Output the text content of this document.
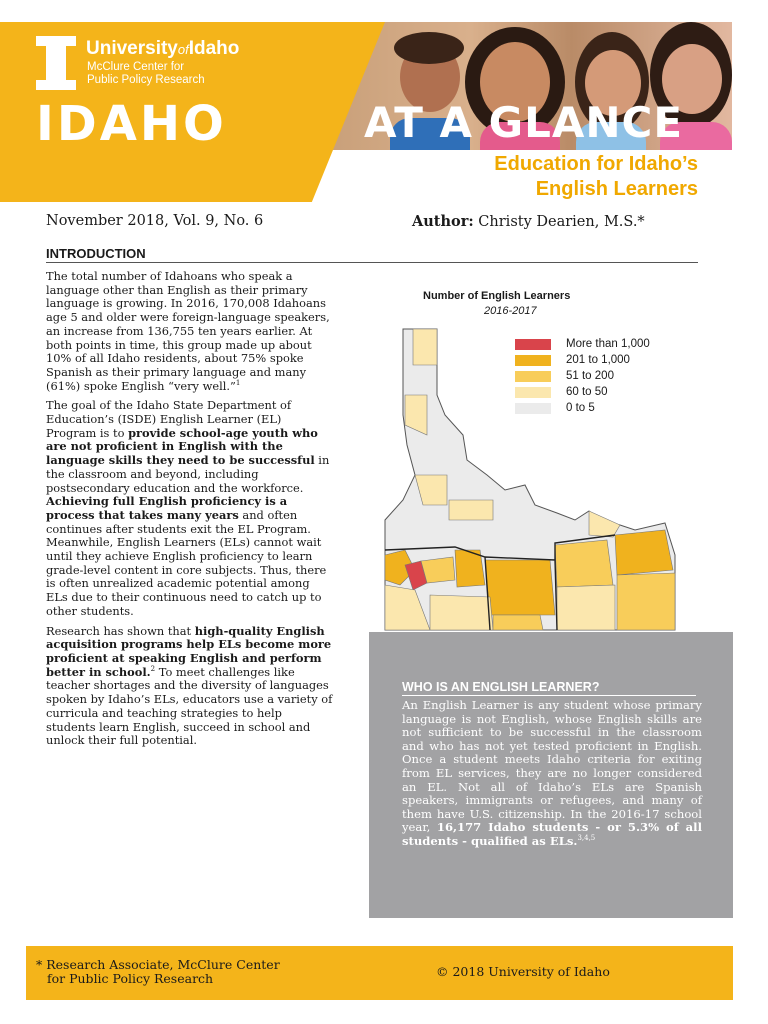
UniversityofIdaho
McClure Center for
Public Policy Research
IDAHO	AT A GLANCE
Education for Idaho’s
English Learners
November 2018, Vol. 9, No. 6	Author: Christy Dearien, M.S.*
INTRODUCTION

The total number of Idahoans who speak a language other than English as their primary language is growing. In 2016, 170,008 Idahoans age 5 and older were foreign-language speakers, an increase from 136,755 ten years earlier. At both points in time, this group made up about 10% of all Idaho residents, about 75% spoke Spanish as their primary language and many (61%) spoke English “very well.”$^1$

The goal of the Idaho State Department of Education’s (ISDE) English Learner (EL) Program is to provide school-age youth who are not proficient in English with the language skills they need to be successful in the classroom and beyond, including postsecondary education and the workforce. Achieving full English proficiency is a process that takes many years and often continues after students exit the EL Program. Meanwhile, English Learners (ELs) cannot wait until they achieve English proficiency to learn grade-level content in core subjects. Thus, there is often unrealized academic potential among ELs due to their continuous need to catch up to other students.

Research has shown that high-quality English acquisition programs help ELs become more proficient at speaking English and perform better in school.$^2$ To meet challenges like teacher shortages and the diversity of languages spoken by Idaho’s ELs, educators use a variety of curricula and teaching strategies to help students learn English, succeed in school and unlock their full potential.

Number of English Learners
2016-2017
More than 1,000
201 to 1,000
51 to 200
60 to 50
0 to 5
WHO IS AN ENGLISH LEARNER?
An English Learner is any student whose primary language is not English, whose English skills are not sufficient to be successful in the classroom and who has not yet tested proficient in English. Once a student meets Idaho criteria for exiting from EL services, they are no longer considered an EL. Not all of Idaho’s ELs are Spanish speakers, immigrants or refugees, and many of them have U.S. citizenship. In the 2016-17 school year, 16,177 Idaho students - or 5.3% of all students - qualified as ELs.$^{3,4,5}$
* Research Associate, McClure Center
for Public Policy Research	© 2018 University of Idaho
